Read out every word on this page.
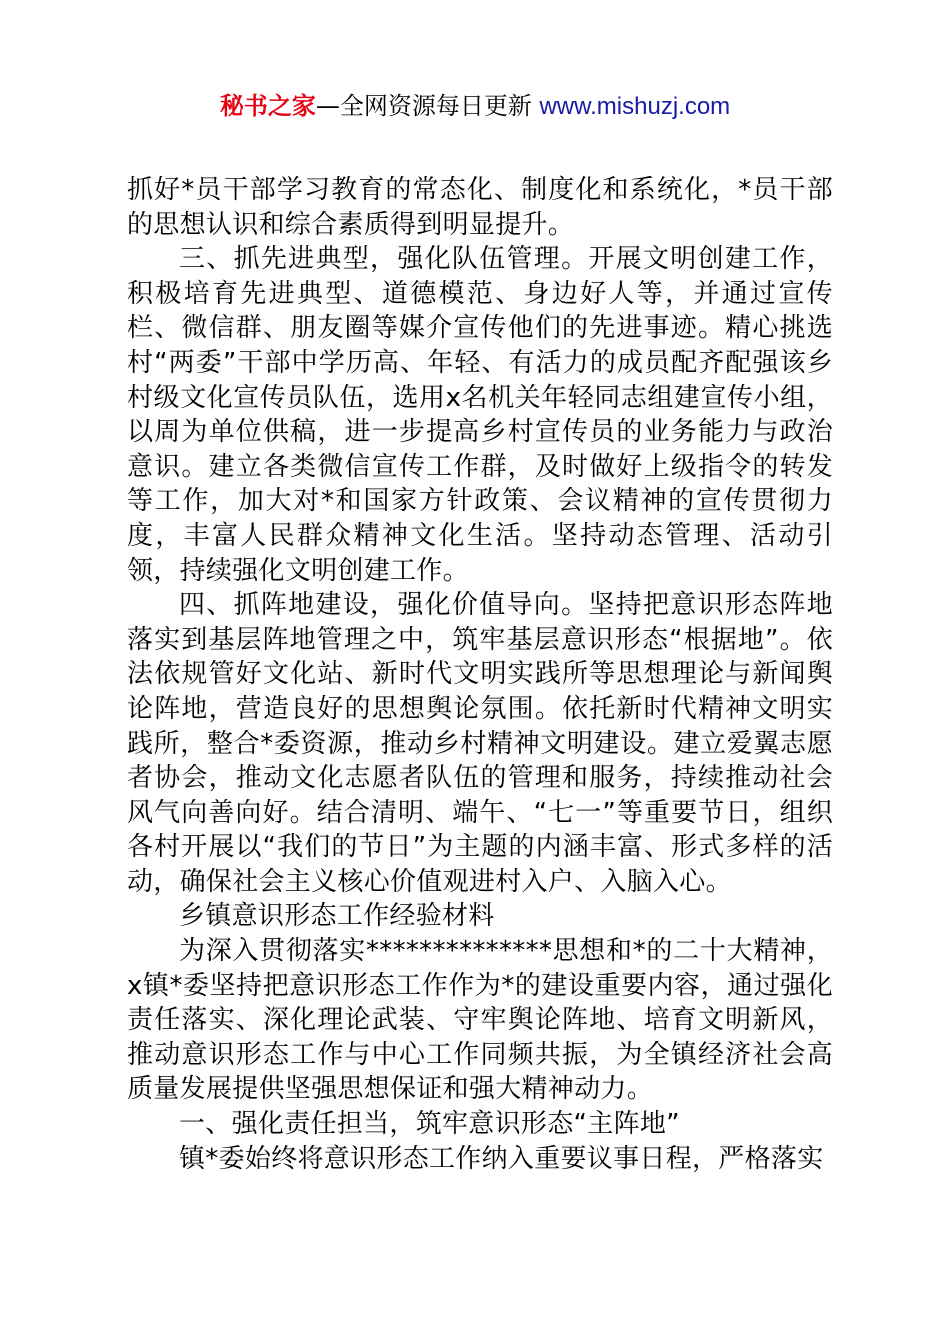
秘书之家—全网资源每日更新 www.mishuzj.com

抓好*员干部学习教育的常态化、制度化和系统化，*员干部的思想认识和综合素质得到明显提升。

三、抓先进典型，强化队伍管理。开展文明创建工作，积极培育先进典型、道德模范、身边好人等，并通过宣传栏、微信群、朋友圈等媒介宣传他们的先进事迹。精心挑选村“两委”干部中学历高、年轻、有活力的成员配齐配强该乡村级文化宣传员队伍，选用x名机关年轻同志组建宣传小组，以周为单位供稿，进一步提高乡村宣传员的业务能力与政治意识。建立各类微信宣传工作群，及时做好上级指令的转发等工作，加大对*和国家方针政策、会议精神的宣传贯彻力度，丰富人民群众精神文化生活。坚持动态管理、活动引领，持续强化文明创建工作。

四、抓阵地建设，强化价值导向。坚持把意识形态阵地落实到基层阵地管理之中，筑牢基层意识形态“根据地”。依法依规管好文化站、新时代文明实践所等思想理论与新闻舆论阵地，营造良好的思想舆论氛围。依托新时代精神文明实践所，整合*委资源，推动乡村精神文明建设。建立爱翼志愿者协会，推动文化志愿者队伍的管理和服务，持续推动社会风气向善向好。结合清明、端午、“七一”等重要节日，组织各村开展以“我们的节日”为主题的内涵丰富、形式多样的活动，确保社会主义核心价值观进村入户、入脑入心。

乡镇意识形态工作经验材料

为深入贯彻落实**************思想和*的二十大精神，x镇*委坚持把意识形态工作作为*的建设重要内容，通过强化责任落实、深化理论武装、守牢舆论阵地、培育文明新风，推动意识形态工作与中心工作同频共振，为全镇经济社会高质量发展提供坚强思想保证和强大精神动力。

一、强化责任担当，筑牢意识形态“主阵地”

镇*委始终将意识形态工作纳入重要议事日程，严格落实
